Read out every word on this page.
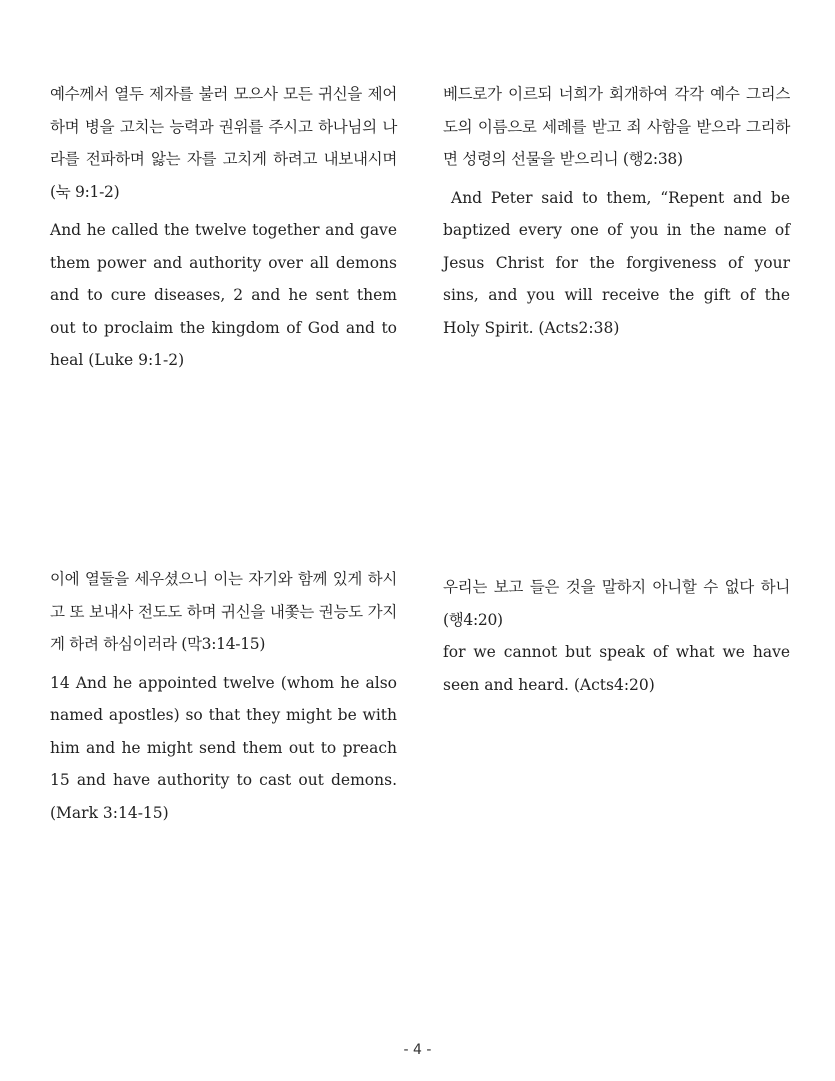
예수께서 열두 제자를 불러 모으사 모든 귀신을 제어하며 병을 고치는 능력과 권위를 주시고 하나님의 나라를 전파하며 앓는 자를 고치게 하려고 내보내시며 (눅 9:1-2)

And he called the twelve together and gave them power and authority over all demons and to cure diseases, 2 and he sent them out to proclaim the kingdom of God and to heal (Luke 9:1-2)

베드로가 이르되 너희가 회개하여 각각 예수 그리스도의 이름으로 세례를 받고 죄 사함을 받으라 그리하면 성령의 선물을 받으리니 (행2:38)

And Peter said to them, “Repent and be baptized every one of you in the name of Jesus Christ for the forgiveness of your sins, and you will receive the gift of the Holy Spirit. (Acts2:38)

이에 열둘을 세우셨으니 이는 자기와 함께 있게 하시고 또 보내사 전도도 하며 귀신을 내쫓는 권능도 가지게 하려 하심이러라 (막3:14-15)

14 And he appointed twelve (whom he also named apostles) so that they might be with him and he might send them out to preach 15 and have authority to cast out demons. (Mark 3:14-15)

우리는 보고 들은 것을 말하지 아니할 수 없다 하니 (행4:20)

for we cannot but speak of what we have seen and heard. (Acts4:20)

- 4 -
